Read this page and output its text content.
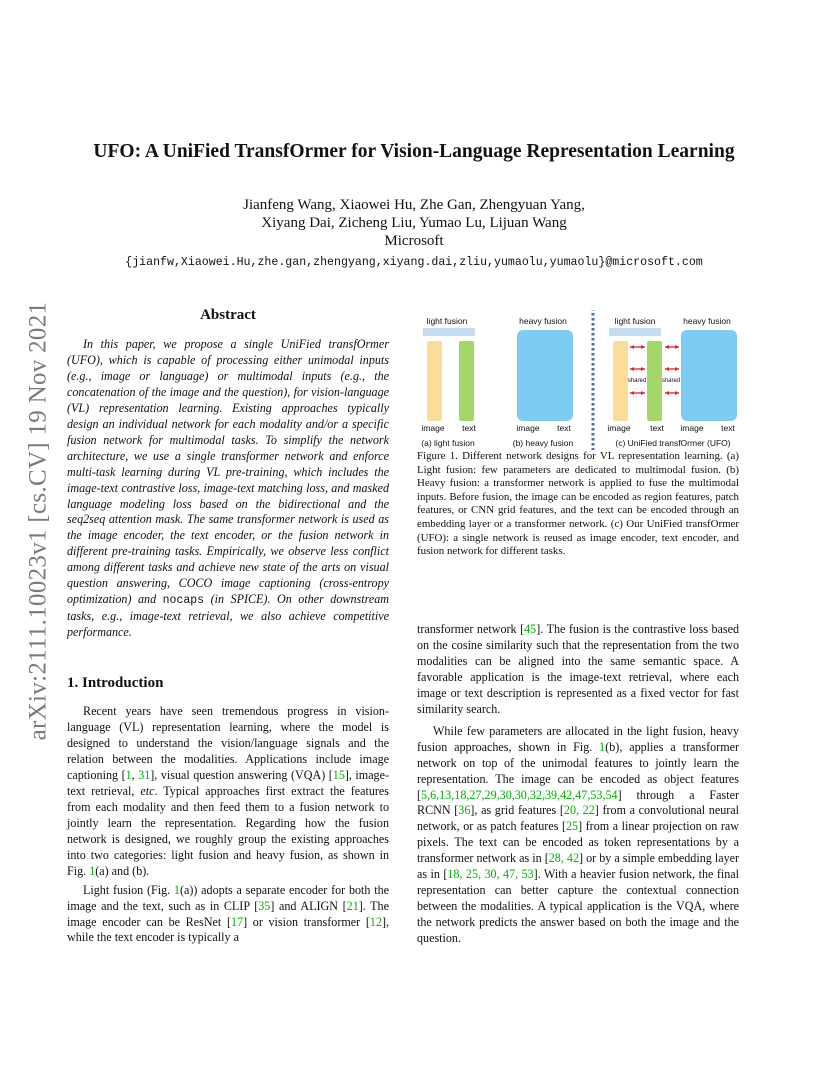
arXiv:2111.10023v1 [cs.CV] 19 Nov 2021
UFO: A UniFied TransfOrmer for Vision-Language Representation Learning
Jianfeng Wang, Xiaowei Hu, Zhe Gan, Zhengyuan Yang,
Xiyang Dai, Zicheng Liu, Yumao Lu, Lijuan Wang
Microsoft
{jianfw,Xiaowei.Hu,zhe.gan,zhengyang,xiyang.dai,zliu,yumaolu,yumaolu}@microsoft.com
Abstract

In this paper, we propose a single UniFied transfOrmer (UFO), which is capable of processing either unimodal inputs (e.g., image or language) or multimodal inputs (e.g., the concatenation of the image and the question), for vision-language (VL) representation learning. Existing approaches typically design an individual network for each modality and/or a specific fusion network for multimodal tasks. To simplify the network architecture, we use a single transformer network and enforce multi-task learning during VL pre-training, which includes the image-text contrastive loss, image-text matching loss, and masked language modeling loss based on the bidirectional and the seq2seq attention mask. The same transformer network is used as the image encoder, the text encoder, or the fusion network in different pre-training tasks. Empirically, we observe less conflict among different tasks and achieve new state of the arts on visual question answering, COCO image captioning (cross-entropy optimization) and nocaps (in SPICE). On other downstream tasks, e.g., image-text retrieval, we also achieve competitive performance.

1. Introduction

Recent years have seen tremendous progress in vision-language (VL) representation learning, where the model is designed to understand the vision/language signals and the relation between the modalities. Applications include image captioning [1, 31], visual question answering (VQA) [15], image-text retrieval, etc. Typical approaches first extract the features from each modality and then feed them to a fusion network to jointly learn the representation. Regarding how the fusion network is designed, we roughly group the existing approaches into two categories: light fusion and heavy fusion, as shown in Fig. 1(a) and (b).

Light fusion (Fig. 1(a)) adopts a separate encoder for both the image and the text, such as in CLIP [35] and ALIGN [21]. The image encoder can be ResNet [17] or vision transformer [12], while the text encoder is typically a

light fusion
image text
(a) light fusion
heavy fusion
image text
(b) heavy fusion
light fusion	heavy fusion
shared	shared
image text image text
(c) UniFied transfOrmer (UFO)

Figure 1. Different network designs for VL representation learning. (a) Light fusion: few parameters are dedicated to multimodal fusion. (b) Heavy fusion: a transformer network is applied to fuse the multimodal inputs. Before fusion, the image can be encoded as region features, patch features, or CNN grid features, and the text can be encoded through an embedding layer or a transformer network. (c) Our UniFied transfOrmer (UFO): a single network is reused as image encoder, text encoder, and fusion network for different tasks.

transformer network [45]. The fusion is the contrastive loss based on the cosine similarity such that the representation from the two modalities can be aligned into the same semantic space. A favorable application is the image-text retrieval, where each image or text description is represented as a fixed vector for fast similarity search.

While few parameters are allocated in the light fusion, heavy fusion approaches, shown in Fig. 1(b), applies a transformer network on top of the unimodal features to jointly learn the representation. The image can be encoded as object features [5,6,13,18,27,29,30,30,32,39,42,47,53,54] through a Faster RCNN [36], as grid features [20, 22] from a convolutional neural network, or as patch features [25] from a linear projection on raw pixels. The text can be encoded as token representations by a transformer network as in [28, 42] or by a simple embedding layer as in [18, 25, 30, 47, 53]. With a heavier fusion network, the final representation can better capture the contextual connection between the modalities. A typical application is the VQA, where the network predicts the answer based on both the image and the question.
